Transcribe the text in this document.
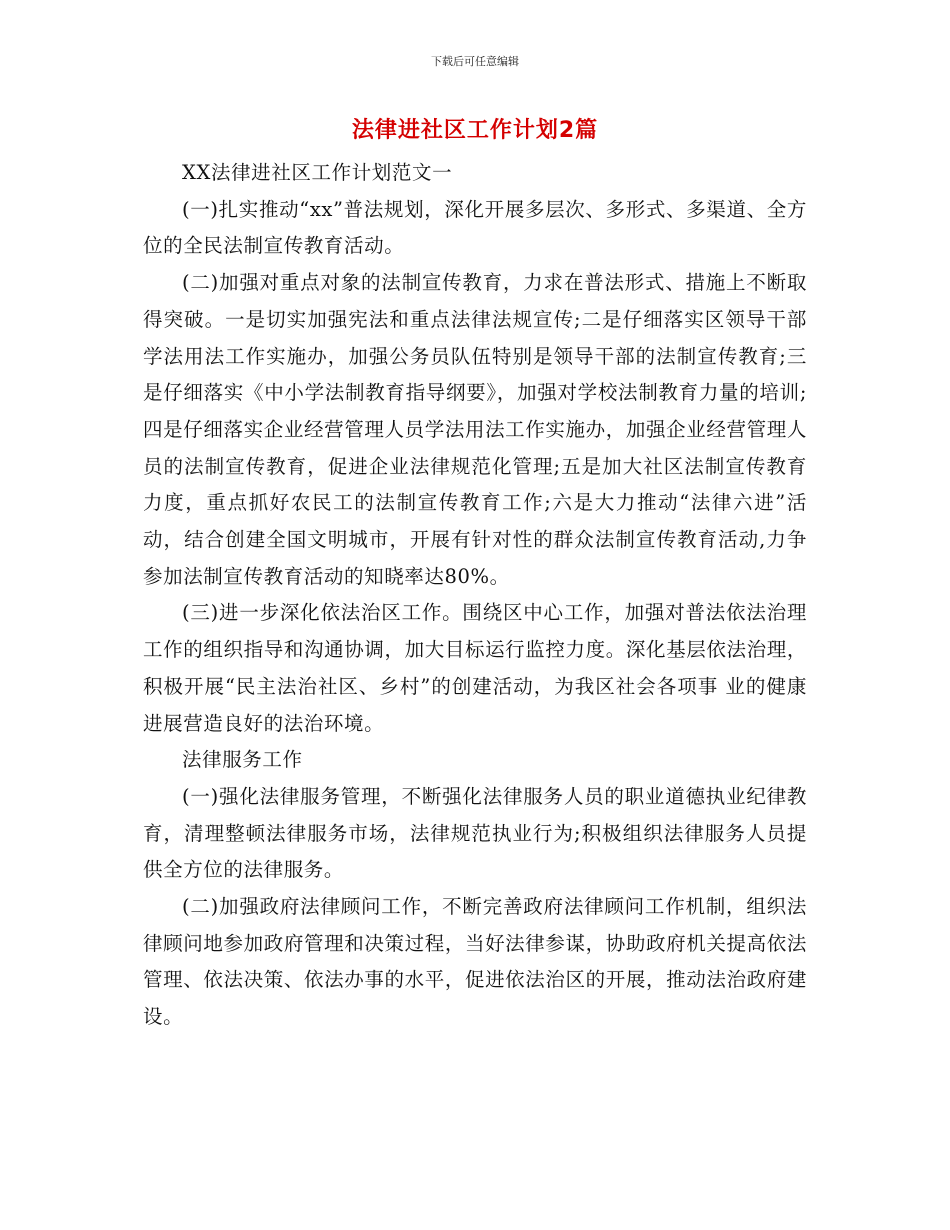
下载后可任意编辑
法律进社区工作计划2篇

XX法律进社区工作计划范文一

(一)扎实推动“xx”普法规划，深化开展多层次、多形式、多渠道、全方位的全民法制宣传教育活动。

(二)加强对重点对象的法制宣传教育，力求在普法形式、措施上不断取得突破。一是切实加强宪法和重点法律法规宣传;二是仔细落实区领导干部学法用法工作实施办，加强公务员队伍特别是领导干部的法制宣传教育;三是仔细落实《中小学法制教育指导纲要》，加强对学校法制教育力量的培训;四是仔细落实企业经营管理人员学法用法工作实施办，加强企业经营管理人员的法制宣传教育，促进企业法律规范化管理;五是加大社区法制宣传教育力度，重点抓好农民工的法制宣传教育工作;六是大力推动“法律六进”活动，结合创建全国文明城市，开展有针对性的群众法制宣传教育活动,力争参加法制宣传教育活动的知晓率达80%。

(三)进一步深化依法治区工作。围绕区中心工作，加强对普法依法治理工作的组织指导和沟通协调，加大目标运行监控力度。深化基层依法治理，积极开展“民主法治社区、乡村”的创建活动，为我区社会各项事 业的健康进展营造良好的法治环境。

法律服务工作

(一)强化法律服务管理，不断强化法律服务人员的职业道德执业纪律教育，清理整顿法律服务市场，法律规范执业行为;积极组织法律服务人员提供全方位的法律服务。

(二)加强政府法律顾问工作，不断完善政府法律顾问工作机制，组织法律顾问地参加政府管理和决策过程，当好法律参谋，协助政府机关提高依法管理、依法决策、依法办事的水平，促进依法治区的开展，推动法治政府建设。
